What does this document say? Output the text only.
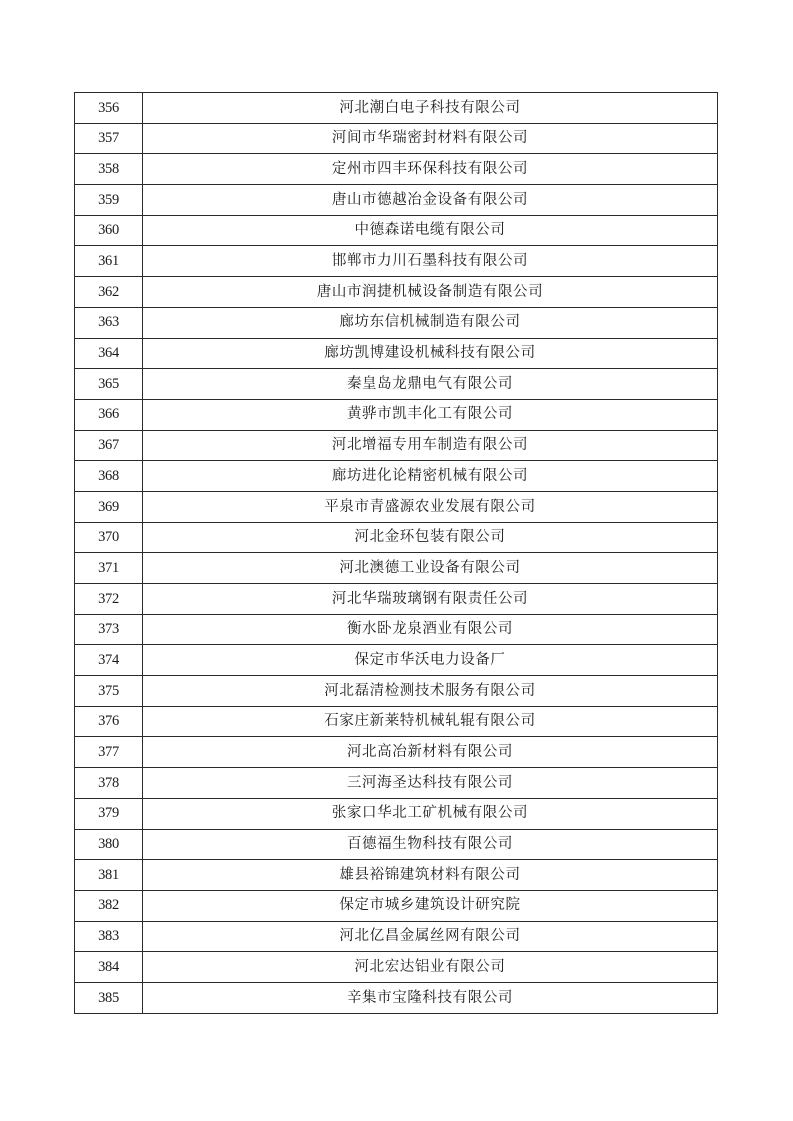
356	河北潮白电子科技有限公司
357	河间市华瑞密封材料有限公司
358	定州市四丰环保科技有限公司
359	唐山市德越冶金设备有限公司
360	中德森诺电缆有限公司
361	邯郸市力川石墨科技有限公司
362	唐山市润捷机械设备制造有限公司
363	廊坊东信机械制造有限公司
364	廊坊凯博建设机械科技有限公司
365	秦皇岛龙鼎电气有限公司
366	黄骅市凯丰化工有限公司
367	河北增福专用车制造有限公司
368	廊坊进化论精密机械有限公司
369	平泉市青盛源农业发展有限公司
370	河北金环包装有限公司
371	河北澳德工业设备有限公司
372	河北华瑞玻璃钢有限责任公司
373	衡水卧龙泉酒业有限公司
374	保定市华沃电力设备厂
375	河北磊清检测技术服务有限公司
376	石家庄新莱特机械轧辊有限公司
377	河北高冶新材料有限公司
378	三河海圣达科技有限公司
379	张家口华北工矿机械有限公司
380	百德福生物科技有限公司
381	雄县裕锦建筑材料有限公司
382	保定市城乡建筑设计研究院
383	河北亿昌金属丝网有限公司
384	河北宏达铝业有限公司
385	辛集市宝隆科技有限公司
